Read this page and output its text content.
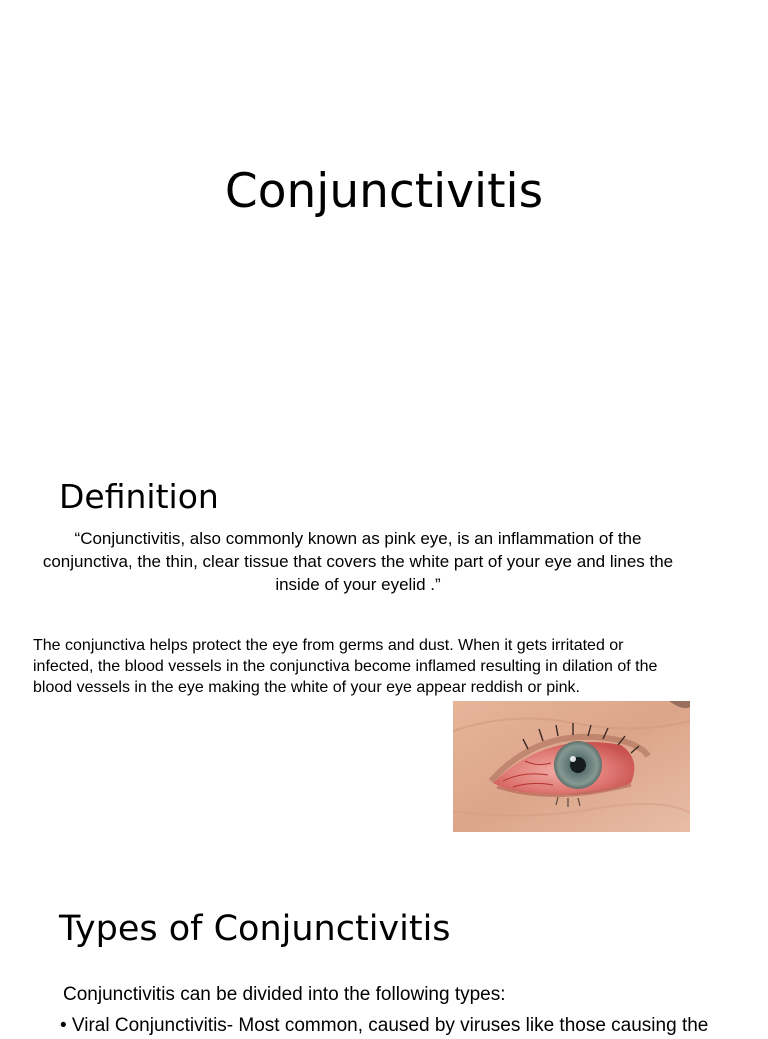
Conjunctivitis
Definition

“Conjunctivitis, also commonly known as pink eye, is an inflammation of the conjunctiva, the thin, clear tissue that covers the white part of your eye and lines the inside of your eyelid .”

The conjunctiva helps protect the eye from germs and dust. When it gets irritated or infected, the blood vessels in the conjunctiva become inflamed resulting in dilation of the blood vessels in the eye making the white of your eye appear reddish or pink.

Types of Conjunctivitis

Conjunctivitis can be divided into the following types:

• Viral Conjunctivitis- Most common, caused by viruses like those causing the
